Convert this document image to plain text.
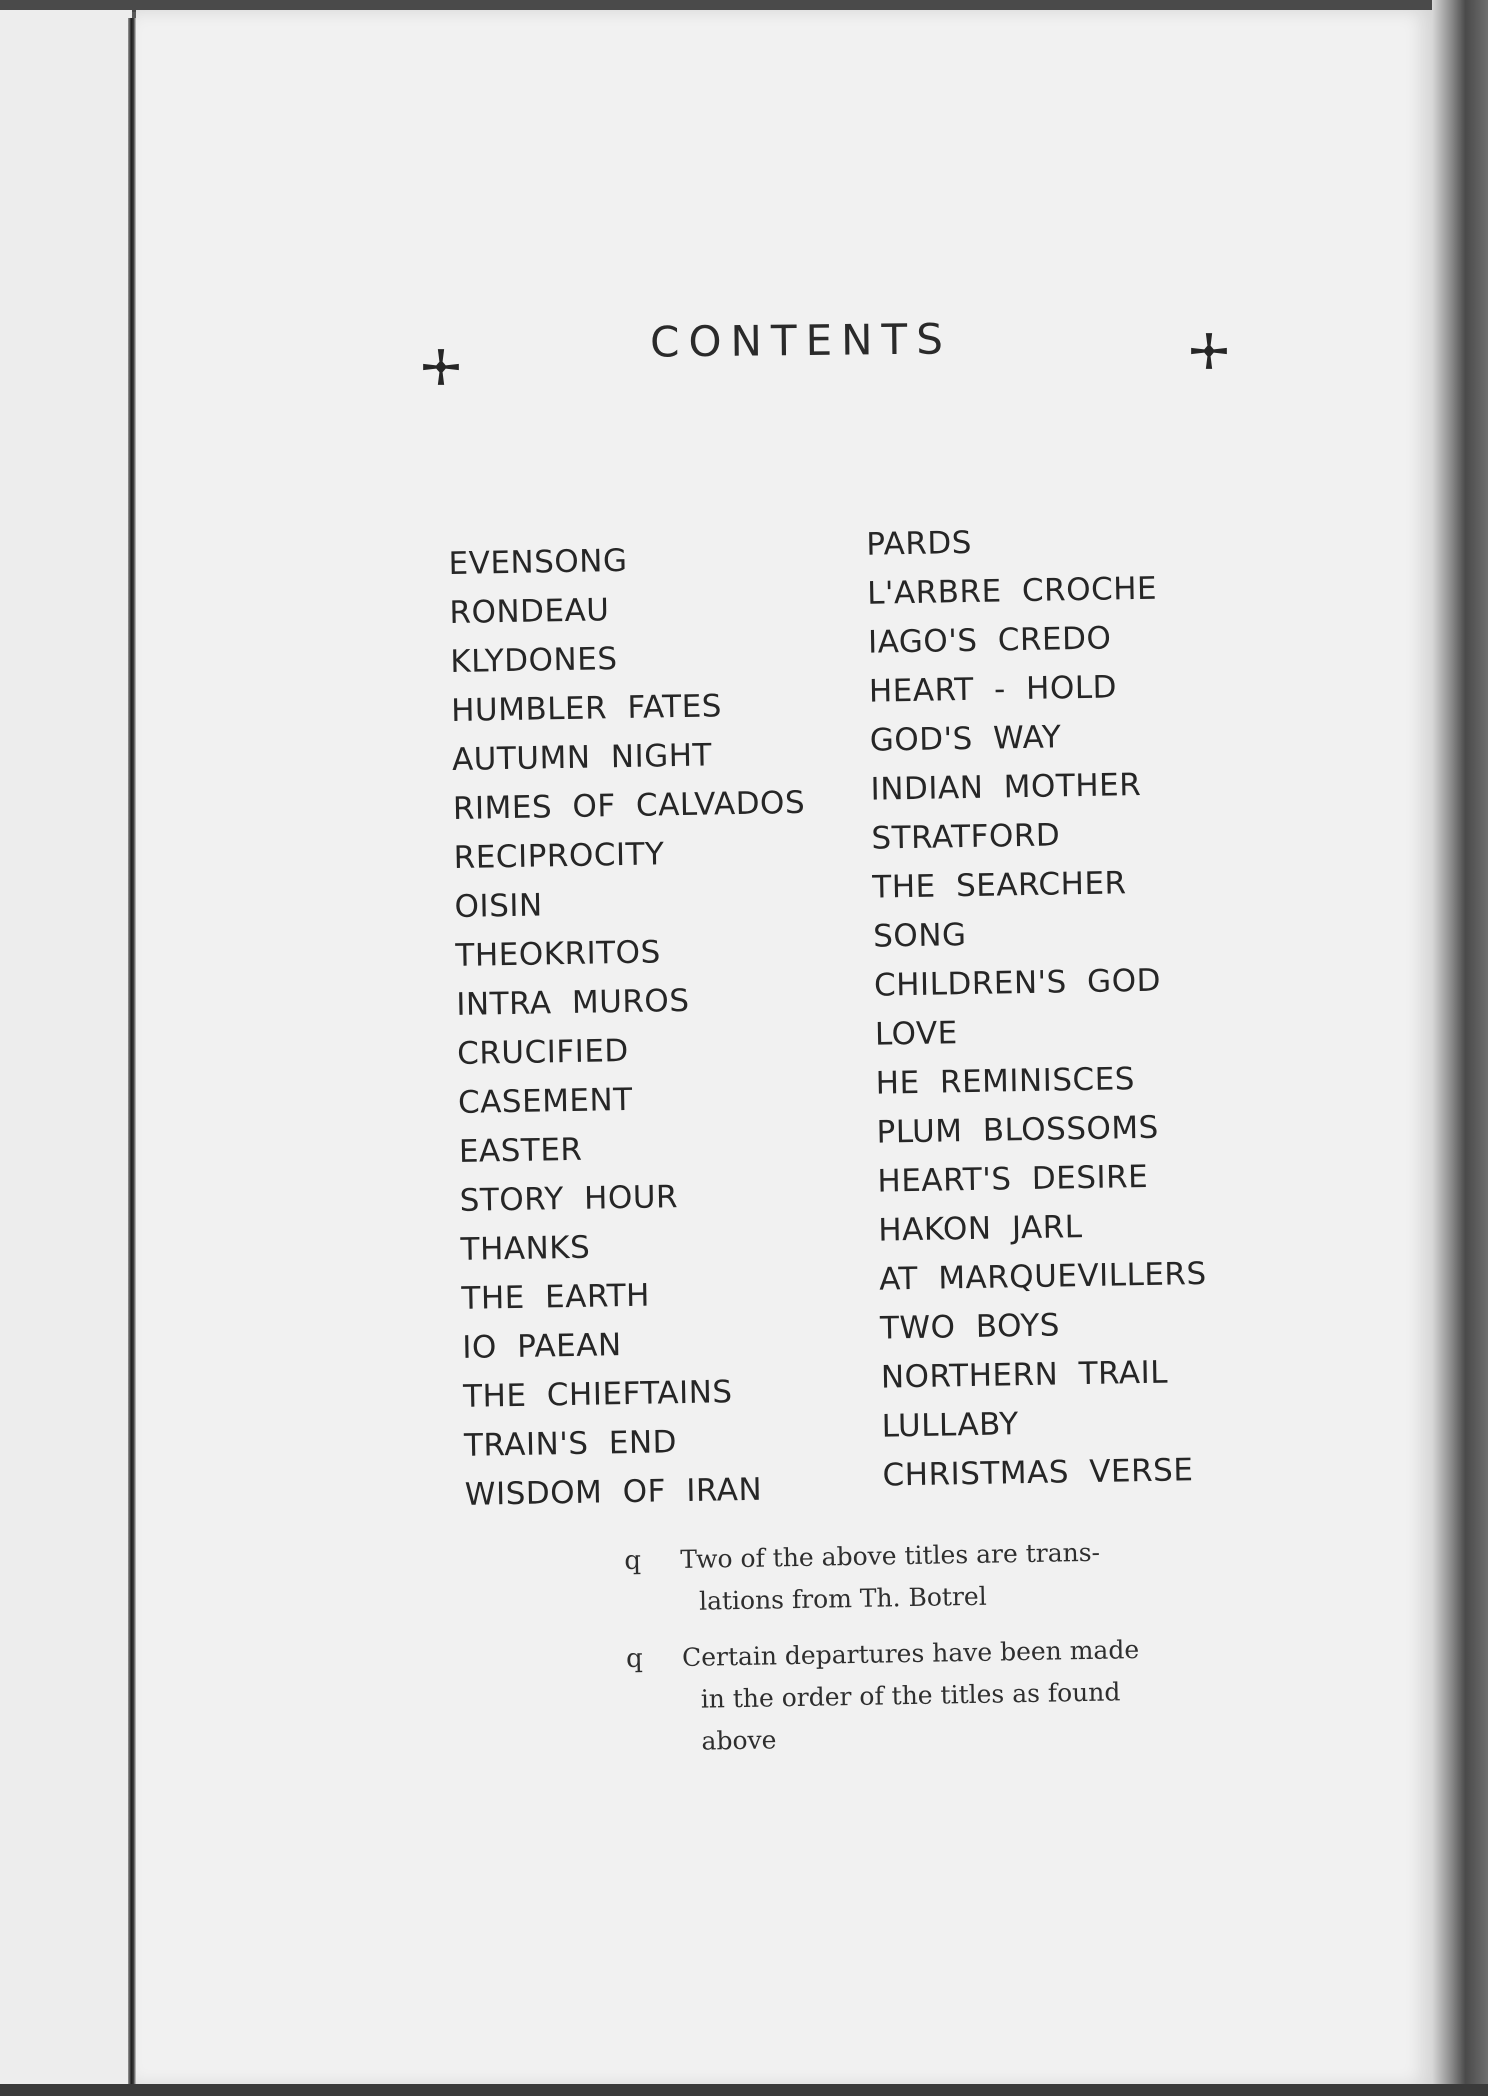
CONTENTS
EVENSONG
RONDEAU
KLYDONES
HUMBLER FATES
AUTUMN NIGHT
RIMES OF CALVADOS
RECIPROCITY
OISIN
THEOKRITOS
INTRA MUROS
CRUCIFIED
CASEMENT
EASTER
STORY HOUR
THANKS
THE EARTH
IO PAEAN
THE CHIEFTAINS
TRAIN'S END
WISDOM OF IRAN
PARDS
L'ARBRE CROCHE
IAGO'S CREDO
HEART - HOLD
GOD'S WAY
INDIAN MOTHER
STRATFORD
THE SEARCHER
SONG
CHILDREN'S GOD
LOVE
HE REMINISCES
PLUM BLOSSOMS
HEART'S DESIRE
HAKON JARL
AT MARQUEVILLERS
TWO BOYS
NORTHERN TRAIL
LULLABY
CHRISTMAS VERSE
q Two of the above titles are trans-
lations from Th. Botrel
q Certain departures have been made
in the order of the titles as found
above
